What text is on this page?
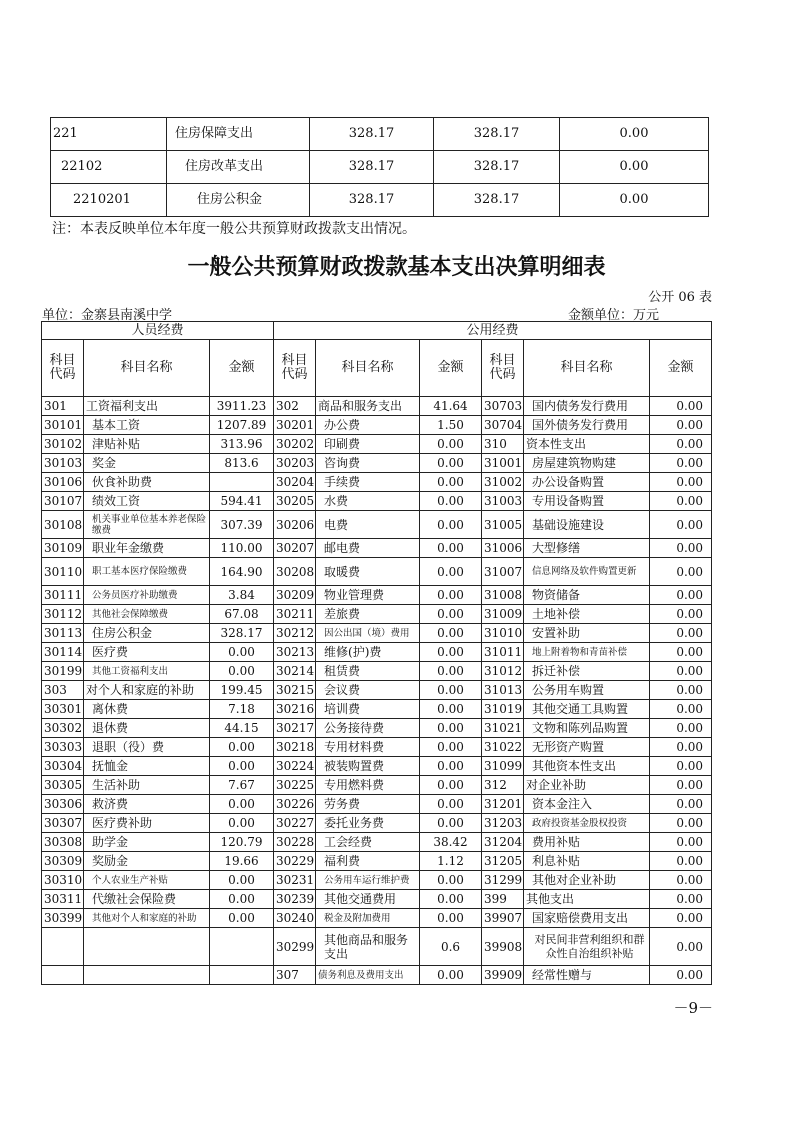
221	住房保障支出	328.17	328.17	0.00
22102	住房改革支出	328.17	328.17	0.00
2210201	住房公积金	328.17	328.17	0.00
注：本表反映单位本年度一般公共预算财政拨款支出情况。
一般公共预算财政拨款基本支出决算明细表
公开 06 表
单位：金寨县南溪中学	金额单位：万元
人员经费			公用经费					
科目代码	科目名称	金额	科目代码	科目名称	金额	科目代码	科目名称	金额
301	工资福利支出	3911.23	302	商品和服务支出	41.64	30703	国内债务发行费用	0.00
30101	基本工资	1207.89	30201	办公费	1.50	30704	国外债务发行费用	0.00
30102	津贴补贴	313.96	30202	印刷费	0.00	310	资本性支出	0.00
30103	奖金	813.6	30203	咨询费	0.00	31001	房屋建筑物购建	0.00
30106	伙食补助费		30204	手续费	0.00	31002	办公设备购置	0.00
30107	绩效工资	594.41	30205	水费	0.00	31003	专用设备购置	0.00
30108	机关事业单位基本养老保险缴费	307.39	30206	电费	0.00	31005	基础设施建设	0.00
30109	职业年金缴费	110.00	30207	邮电费	0.00	31006	大型修缮	0.00
30110	职工基本医疗保险缴费	164.90	30208	取暖费	0.00	31007	信息网络及软件购置更新	0.00
30111	公务员医疗补助缴费	3.84	30209	物业管理费	0.00	31008	物资储备	0.00
30112	其他社会保障缴费	67.08	30211	差旅费	0.00	31009	土地补偿	0.00
30113	住房公积金	328.17	30212	因公出国（境）费用	0.00	31010	安置补助	0.00
30114	医疗费	0.00	30213	维修(护)费	0.00	31011	地上附着物和青苗补偿	0.00
30199	其他工资福利支出	0.00	30214	租赁费	0.00	31012	拆迁补偿	0.00
303	对个人和家庭的补助	199.45	30215	会议费	0.00	31013	公务用车购置	0.00
30301	离休费	7.18	30216	培训费	0.00	31019	其他交通工具购置	0.00
30302	退休费	44.15	30217	公务接待费	0.00	31021	文物和陈列品购置	0.00
30303	退职（役）费	0.00	30218	专用材料费	0.00	31022	无形资产购置	0.00
30304	抚恤金	0.00	30224	被装购置费	0.00	31099	其他资本性支出	0.00
30305	生活补助	7.67	30225	专用燃料费	0.00	312	对企业补助	0.00
30306	救济费	0.00	30226	劳务费	0.00	31201	资本金注入	0.00
30307	医疗费补助	0.00	30227	委托业务费	0.00	31203	政府投资基金股权投资	0.00
30308	助学金	120.79	30228	工会经费	38.42	31204	费用补贴	0.00
30309	奖励金	19.66	30229	福利费	1.12	31205	利息补贴	0.00
30310	个人农业生产补贴	0.00	30231	公务用车运行维护费	0.00	31299	其他对企业补助	0.00
30311	代缴社会保险费	0.00	30239	其他交通费用	0.00	399	其他支出	0.00
30399	其他对个人和家庭的补助	0.00	30240	税金及附加费用	0.00	39907	国家赔偿费用支出	0.00
			30299	其他商品和服务支出	0.6	39908	对民间非营利组织和群众性自治组织补贴	0.00
			307	债务利息及费用支出	0.00	39909	经常性赠与	0.00
－9－
